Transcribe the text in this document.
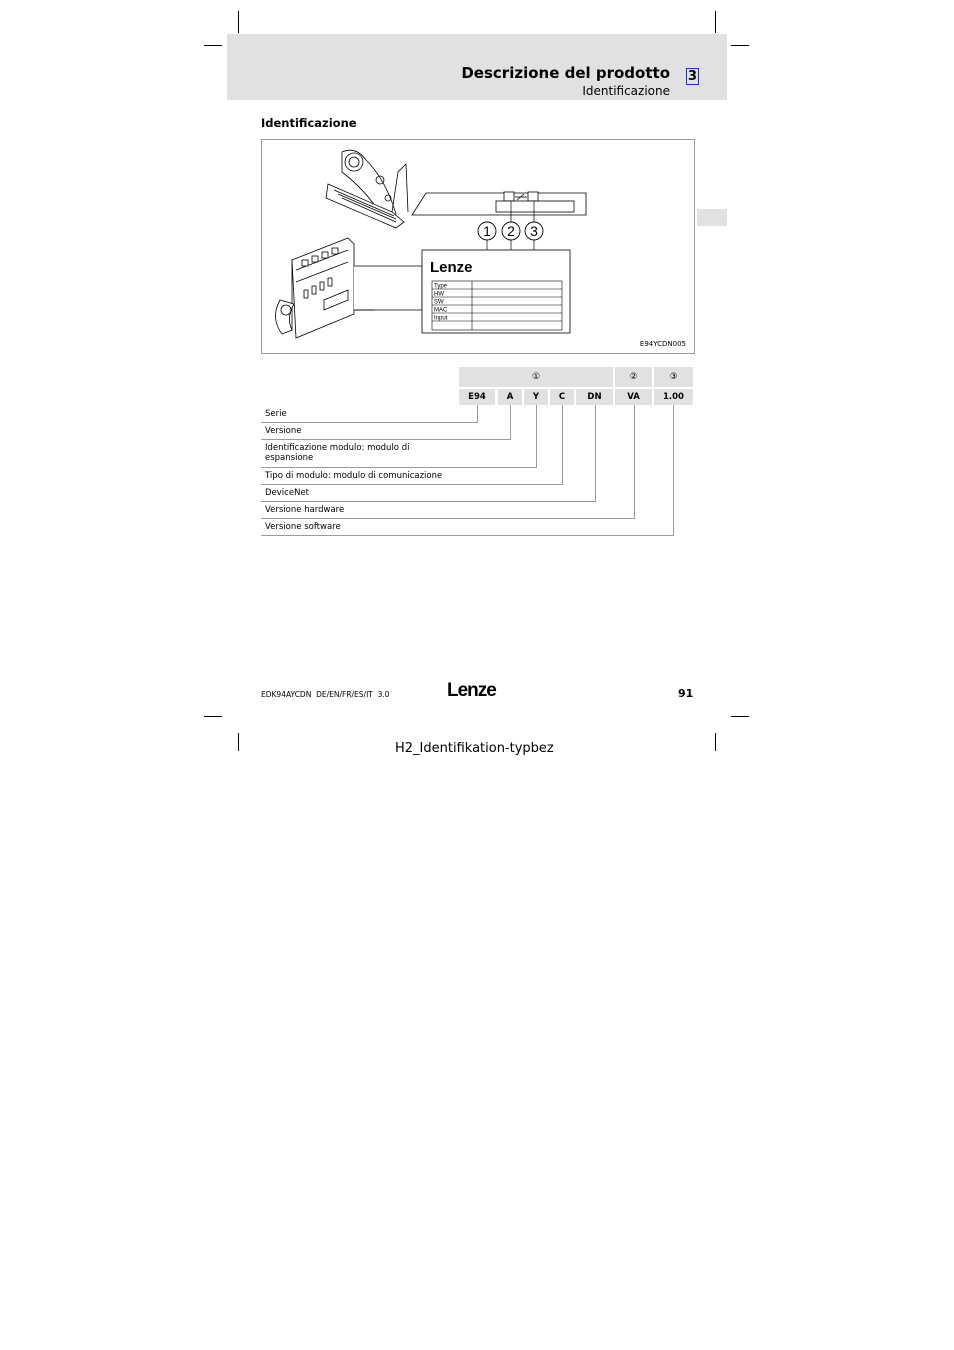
Descrizione del prodotto
Identificazione
3
Identificazione
1 2 3
Lenze
Type
HW
SW
MAC
Input
E94YCDN005
①	②	③
E94	A	Y	C	DN	VA	1.00
Serie
Versione
Identificazione modulo: modulo di espansione
Tipo di modulo: modulo di comunicazione
DeviceNet
Versione hardware
Versione software
EDK94AYCDN  DE/EN/FR/ES/IT  3.0	Lenze	91
H2_Identifikation-typbez
